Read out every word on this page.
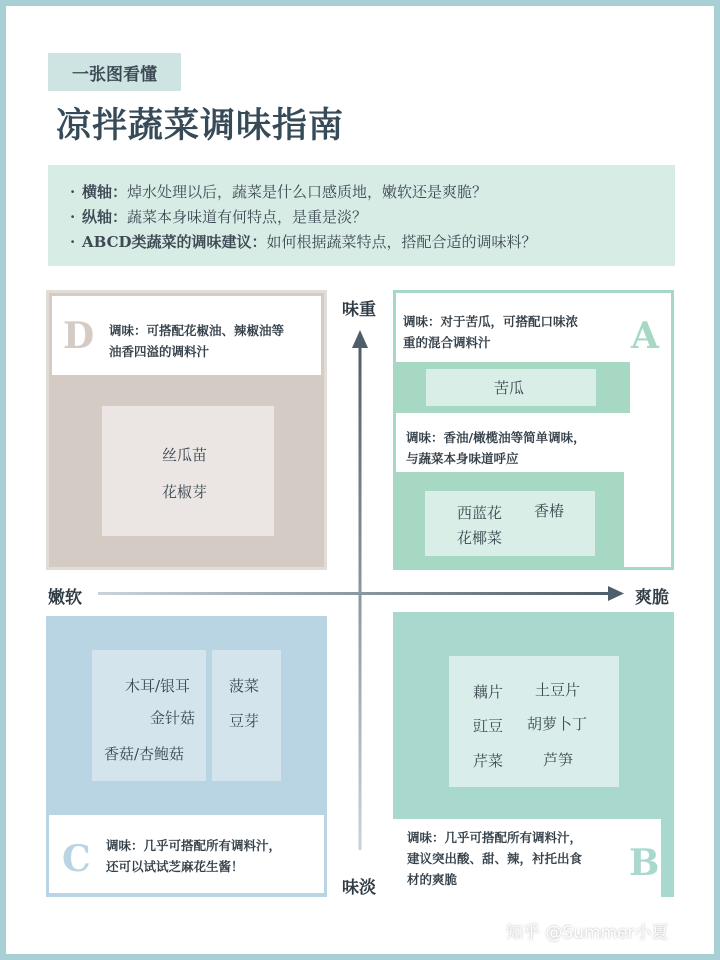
一张图看懂
凉拌蔬菜调味指南
· 横轴：焯水处理以后，蔬菜是什么口感质地，嫩软还是爽脆？
· 纵轴：蔬菜本身味道有何特点，是重是淡？
· ABCD类蔬菜的调味建议：如何根据蔬菜特点，搭配合适的调味料？
调味：可搭配花椒油、辣椒油等
油香四溢的调料汁
D
丝瓜苗
花椒芽
调味：对于苦瓜，可搭配口味浓
重的混合调料汁	A
苦瓜
调味：香油/橄榄油等简单调味，
与蔬菜本身味道呼应
西蓝花 香椿
花椰菜
木耳/银耳
金针菇
香菇/杏鲍菇
菠菜
豆芽
调味：几乎可搭配所有调料汁，
还可以试试芝麻花生酱！
C
藕片 土豆片
豇豆 胡萝卜丁
芹菜	芦笋
调味：几乎可搭配所有调料汁，
建议突出酸、甜、辣，衬托出食
材的爽脆	B
味重
味淡
嫩软	爽脆
知乎 @Summer小夏
